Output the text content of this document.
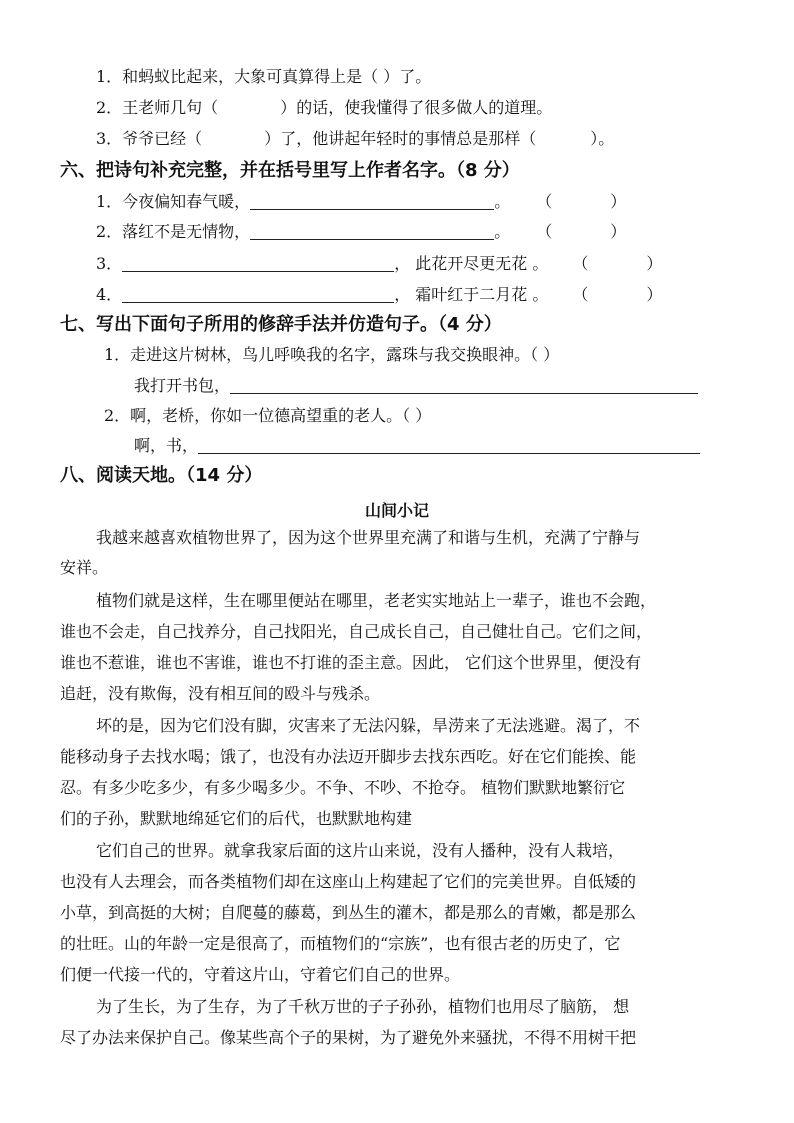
1．和蚂蚁比起来，大象可真算得上是（ ）了。
2．王老师几句（	）的话，使我懂得了很多做人的道理。
3．爷爷已经（	）了，他讲起年轻时的事情总是那样（	）。
六、把诗句补充完整，并在括号里写上作者名字。（8 分）
1．今夜偏知春气暖，	。 （	）
2．落红不是无情物，	。 （	）
3．	， 此花开尽更无花 。 （	）
4．	， 霜叶红于二月花 。 （	）
七、写出下面句子所用的修辞手法并仿造句子。（4 分）
1．走进这片树林，鸟儿呼唤我的名字，露珠与我交换眼神。（ ）
我打开书包，
2．啊，老桥，你如一位德高望重的老人。（ ）
啊，书，
八、阅读天地。（14 分）
山间小记
我越来越喜欢植物世界了，因为这个世界里充满了和谐与生机，充满了宁静与
安祥。
植物们就是这样，生在哪里便站在哪里，老老实实地站上一辈子，谁也不会跑，
谁也不会走，自己找养分，自己找阳光，自己成长自己，自己健壮自己。它们之间，
谁也不惹谁，谁也不害谁，谁也不打谁的歪主意。因此， 它们这个世界里，便没有
追赶，没有欺侮，没有相互间的殴斗与残杀。
坏的是，因为它们没有脚，灾害来了无法闪躲，旱涝来了无法逃避。渴了，不
能移动身子去找水喝；饿了，也没有办法迈开脚步去找东西吃。好在它们能挨、能
忍。有多少吃多少，有多少喝多少。不争、不吵、不抢夺。 植物们默默地繁衍它
们的子孙，默默地绵延它们的后代，也默默地构建
它们自己的世界。就拿我家后面的这片山来说，没有人播种，没有人栽培，
也没有人去理会，而各类植物们却在这座山上构建起了它们的完美世界。自低矮的
小草，到高挺的大树；自爬蔓的藤葛，到丛生的灌木，都是那么的青嫩，都是那么
的壮旺。山的年龄一定是很高了，而植物们的“宗族”，也有很古老的历史了，它
们便一代接一代的，守着这片山，守着它们自己的世界。
为了生长，为了生存，为了千秋万世的子子孙孙，植物们也用尽了脑筋， 想
尽了办法来保护自己。像某些高个子的果树，为了避免外来骚扰，不得不用树干把
